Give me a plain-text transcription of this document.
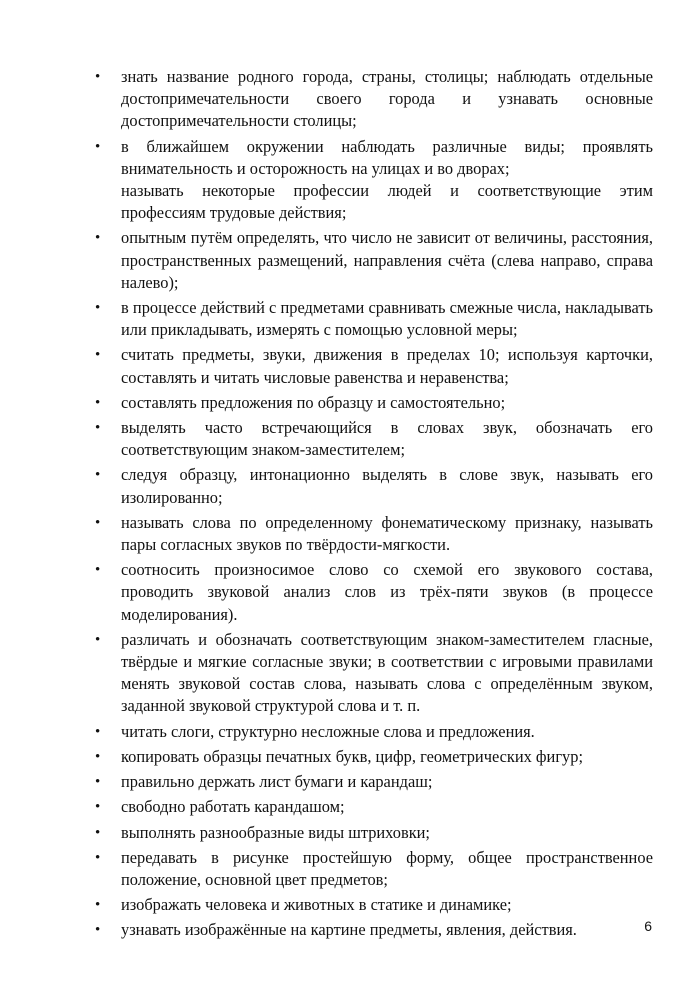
• знать название родного города, страны, столицы; наблюдать отдельные достопримечательности своего города и узнавать основные достопримечательности столицы;
• в ближайшем окружении наблюдать различные виды; проявлять внимательность и осторожность на улицах и во дворах;
называть некоторые профессии людей и соответствующие этим профессиям трудовые действия;
• опытным путём определять, что число не зависит от величины, расстояния, пространственных размещений, направления счёта (слева направо, справа налево);
• в процессе действий с предметами сравнивать смежные числа, накладывать или прикладывать, измерять с помощью условной меры;
• считать предметы, звуки, движения в пределах 10; используя карточки, составлять и читать числовые равенства и неравенства;
• составлять предложения по образцу и самостоятельно;
• выделять часто встречающийся в словах звук, обозначать его соответствующим знаком-заместителем;
• следуя образцу, интонационно выделять в слове звук, называть его изолированно;
• называть слова по определенному фонематическому признаку, называть пары согласных звуков по твёрдости-мягкости.
• соотносить произносимое слово со схемой его звукового состава, проводить звуковой анализ слов из трёх-пяти звуков (в процессе моделирования).
• различать и обозначать соответствующим знаком-заместителем гласные, твёрдые и мягкие согласные звуки; в соответствии с игровыми правилами менять звуковой состав слова, называть слова с определённым звуком, заданной звуковой структурой слова и т. п.
• читать слоги, структурно несложные слова и предложения.
• копировать образцы печатных букв, цифр, геометрических фигур;
• правильно держать лист бумаги и карандаш;
• свободно работать карандашом;
• выполнять разнообразные виды штриховки;
• передавать в рисунке простейшую форму, общее пространственное положение, основной цвет предметов;
• изображать человека и животных в статике и динамике;
• узнавать изображённые на картине предметы, явления, действия.	6
